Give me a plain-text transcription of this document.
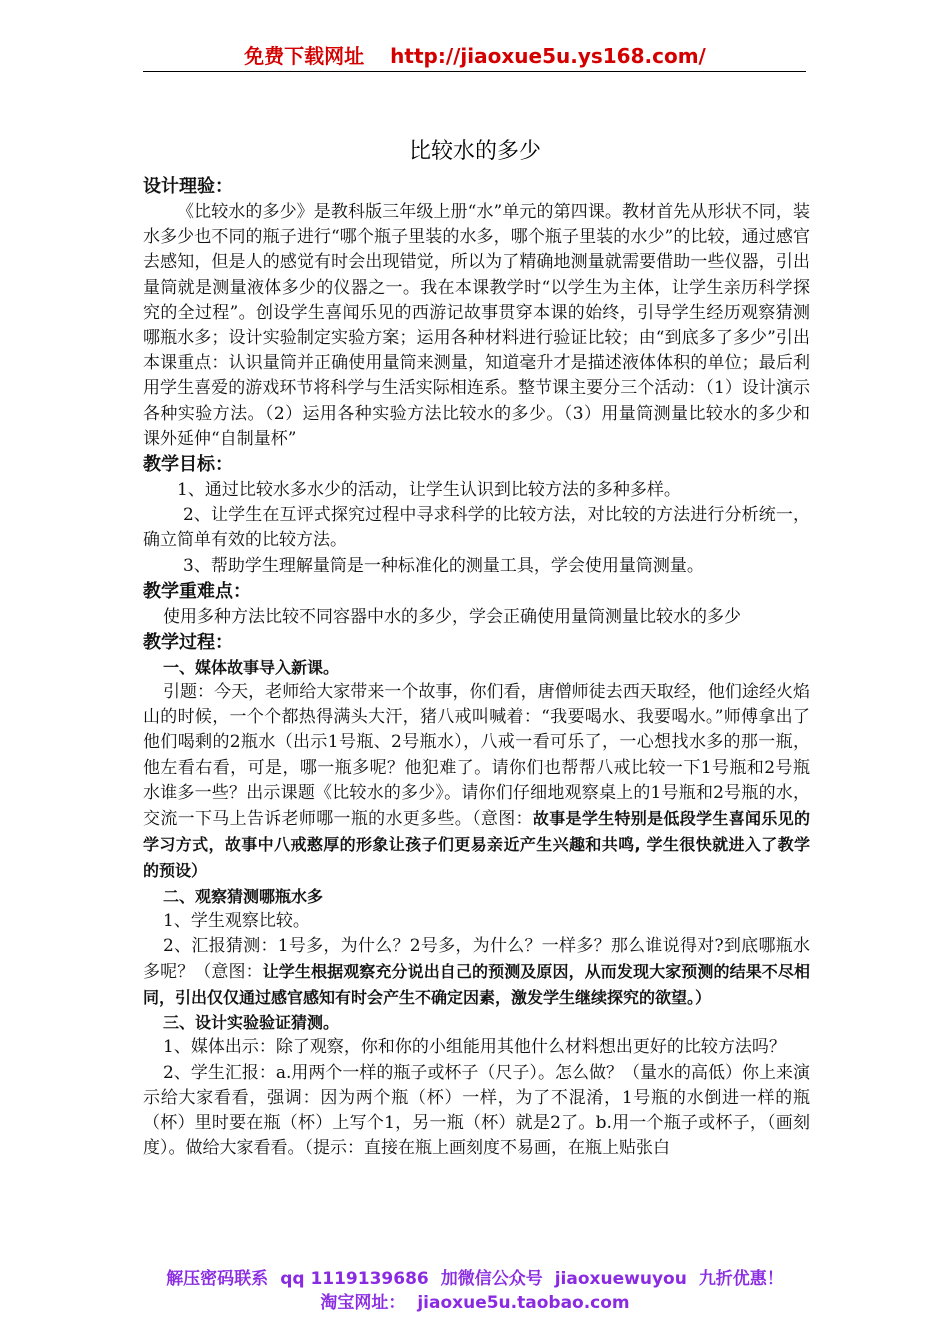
免费下载网址 http://jiaoxue5u.ys168.com/
比较水的多少
设计理验：

《比较水的多少》是教科版三年级上册“水”单元的第四课。教材首先从形状不同，装水多少也不同的瓶子进行“哪个瓶子里装的水多，哪个瓶子里装的水少”的比较，通过感官去感知，但是人的感觉有时会出现错觉，所以为了精确地测量就需要借助一些仪器，引出量筒就是测量液体多少的仪器之一。我在本课教学时“以学生为主体，让学生亲历科学探究的全过程”。创设学生喜闻乐见的西游记故事贯穿本课的始终，引导学生经历观察猜测哪瓶水多；设计实验制定实验方案；运用各种材料进行验证比较；由“到底多了多少”引出本课重点：认识量筒并正确使用量筒来测量，知道毫升才是描述液体体积的单位；最后利用学生喜爱的游戏环节将科学与生活实际相连系。整节课主要分三个活动：（1）设计演示各种实验方法。（2）运用各种实验方法比较水的多少。（3）用量筒测量比较水的多少和课外延伸“自制量杯”

教学目标：

1、通过比较水多水少的活动，让学生认识到比较方法的多种多样。

2、让学生在互评式探究过程中寻求科学的比较方法，对比较的方法进行分析统一，确立简单有效的比较方法。

3、帮助学生理解量筒是一种标准化的测量工具，学会使用量筒测量。

教学重难点：

使用多种方法比较不同容器中水的多少，学会正确使用量筒测量比较水的多少

教学过程：
一、媒体故事导入新课。

引题：今天，老师给大家带来一个故事，你们看，唐僧师徒去西天取经，他们途经火焰山的时候，一个个都热得满头大汗，猪八戒叫喊着：“我要喝水、我要喝水。”师傅拿出了他们喝剩的2瓶水（出示1号瓶、2号瓶水），八戒一看可乐了，一心想找水多的那一瓶，他左看右看，可是，哪一瓶多呢？他犯难了。请你们也帮帮八戒比较一下1号瓶和2号瓶水谁多一些？出示课题《比较水的多少》。请你们仔细地观察桌上的1号瓶和2号瓶的水，交流一下马上告诉老师哪一瓶的水更多些。（意图：故事是学生特别是低段学生喜闻乐见的学习方式，故事中八戒憨厚的形象让孩子们更易亲近产生兴趣和共鸣, 学生很快就进入了教学的预设）

二、观察猜测哪瓶水多

1、学生观察比较。

2、汇报猜测：1号多，为什么？2号多，为什么？一样多？那么谁说得对?到底哪瓶水多呢？（意图：让学生根据观察充分说出自己的预测及原因，从而发现大家预测的结果不尽相同，引出仅仅通过感官感知有时会产生不确定因素，激发学生继续探究的欲望。）

三、设计实验验证猜测。

1、媒体出示：除了观察，你和你的小组能用其他什么材料想出更好的比较方法吗？

2、学生汇报：a.用两个一样的瓶子或杯子（尺子）。怎么做？（量水的高低）你上来演示给大家看看，强调：因为两个瓶（杯）一样，为了不混淆，1号瓶的水倒进一样的瓶（杯）里时要在瓶（杯）上写个1，另一瓶（杯）就是2了。b.用一个瓶子或杯子，（画刻度）。做给大家看看。（提示：直接在瓶上画刻度不易画，在瓶上贴张白

解压密码联系 qq 1119139686 加微信公众号 jiaoxuewuyou 九折优惠！
淘宝网址： jiaoxue5u.taobao.com
